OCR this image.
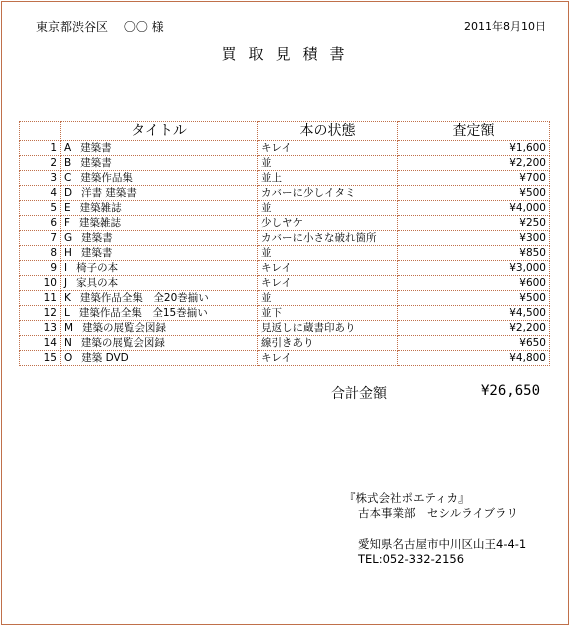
東京都渋谷区　 〇〇 様	2011年8月10日
買取見積書
	タイトル	本の状態	査定額
1	A 建築書	キレイ	¥1,600
2	B 建築書	並	¥2,200
3	C 建築作品集	並上	¥700
4	D 洋書 建築書	カバーに少しイタミ	¥500
5	E 建築雑誌	並	¥4,000
6	F 建築雑誌	少しヤケ	¥250
7	G 建築書	カバーに小さな破れ箇所	¥300
8	H 建築書	並	¥850
9	I 椅子の本	キレイ	¥3,000
10	J 家具の本	キレイ	¥600
11	K 建築作品全集　全20巻揃い	並	¥500
12	L 建築作品全集　全15巻揃い	並下	¥4,500
13	M 建築の展覧会図録	見返しに蔵書印あり	¥2,200
14	N 建築の展覧会図録	線引きあり	¥650
15	O 建築 DVD	キレイ	¥4,800
合計金額	¥26,650
『株式会社ポエティカ』
古本事業部　セシルライブラリ
愛知県名古屋市中川区山王4-4-1
TEL:052-332-2156
